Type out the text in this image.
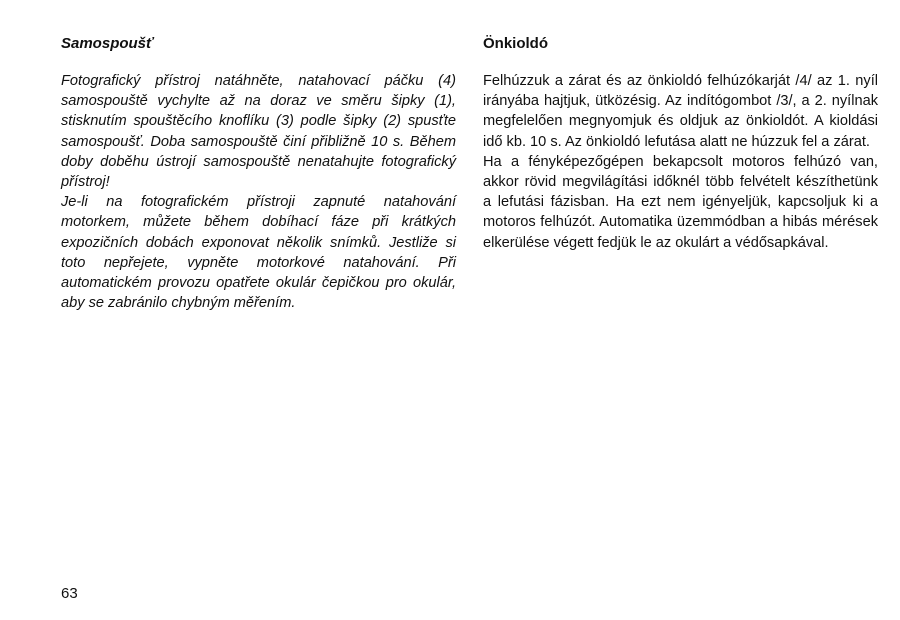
Samospoušť

Fotografický přístroj natáhněte, natahovací páčku (4) samospouště vychylte až na doraz ve směru šipky (1), stisknutím spouštěcího knoflíku (3) podle šipky (2) spusťte samospoušť. Doba samospouště činí přibližně 10 s. Během doby doběhu ústrojí samospouště nenatahujte fotografický přístroj!

Je-li na fotografickém přístroji zapnuté natahování motorkem, můžete během dobíhací fáze při krátkých expozičních dobách exponovat několik snímků. Jestliže si toto nepřejete, vypněte motorkové natahování. Při automatickém provozu opatřete okulár čepičkou pro okulár, aby se zabránilo chybným měřením.

Önkioldó

Felhúzzuk a zárat és az önkioldó felhúzókarját /4/ az 1. nyíl irányába hajtjuk, ütközésig. Az indítógombot /3/, a 2. nyílnak megfelelően megnyomjuk és oldjuk az önkioldót. A kioldási idő kb. 10 s. Az önkioldó lefutása alatt ne húzzuk fel a zárat.

Ha a fényképezőgépen bekapcsolt motoros felhúzó van, akkor rövid megvilágítási időknél több felvételt készíthetünk a lefutási fázisban. Ha ezt nem igényeljük, kapcsoljuk ki a motoros felhúzót. Automatika üzemmódban a hibás mérések elkerülése végett fedjük le az okulárt a védősapkával.

63
